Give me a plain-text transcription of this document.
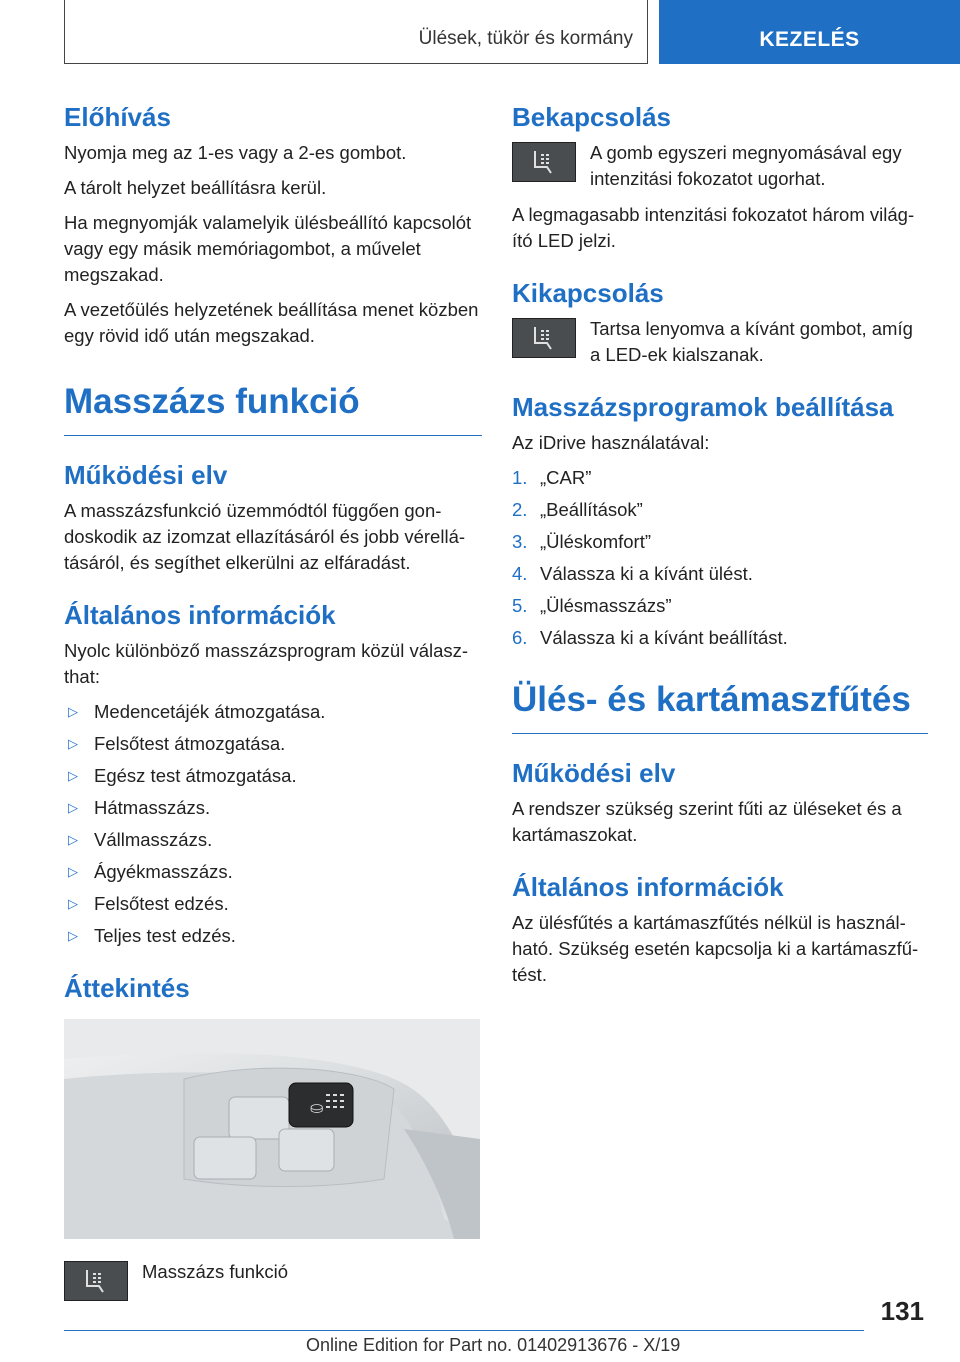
Ülések, tükör és kormány	KEZELÉS
Előhívás

Nyomja meg az 1-es vagy a 2-es gombot.

A tárolt helyzet beállításra kerül.

Ha megnyomják valamelyik ülésbeállító kapcsolót vagy egy másik memóriagombot, a művelet megszakad.

A vezetőülés helyzetének beállítása menet közben egy rövid idő után megszakad.

Masszázs funkció
Működési elv

A masszázsfunkció üzemmódtól függően gondoskodik az izomzat ellazításáról és jobb vérellátásáról, és segíthet elkerülni az elfáradást.

Általános információk

Nyolc különböző masszázsprogram közül választhat:

▷ Medencetájék átmozgatása.
▷ Felsőtest átmozgatása.
▷ Egész test átmozgatása.
▷ Hátmasszázs.
▷ Vállmasszázs.
▷ Ágyékmasszázs.
▷ Felsőtest edzés.
▷ Teljes test edzés.
Áttekintés
⛀

Masszázs funkció

Bekapcsolás

A gomb egyszeri megnyomásával egy intenzitási fokozatot ugorhat.

A legmagasabb intenzitási fokozatot három világító LED jelzi.

Kikapcsolás

Tartsa lenyomva a kívánt gombot, amíg a LED-ek kialszanak.

Masszázsprogramok beállítása

Az iDrive használatával:

1. „CAR”
2. „Beállítások”
3. „Üléskomfort”
4. Válassza ki a kívánt ülést.
5. „Ülésmasszázs”
6. Válassza ki a kívánt beállítást.
Ülés- és kartámaszfűtés
Működési elv

A rendszer szükség szerint fűti az üléseket és a kartámaszokat.

Általános információk

Az ülésfűtés a kartámaszfűtés nélkül is használható. Szükség esetén kapcsolja ki a kartámaszfűtést.

131
Online Edition for Part no. 01402913676 - X/19
